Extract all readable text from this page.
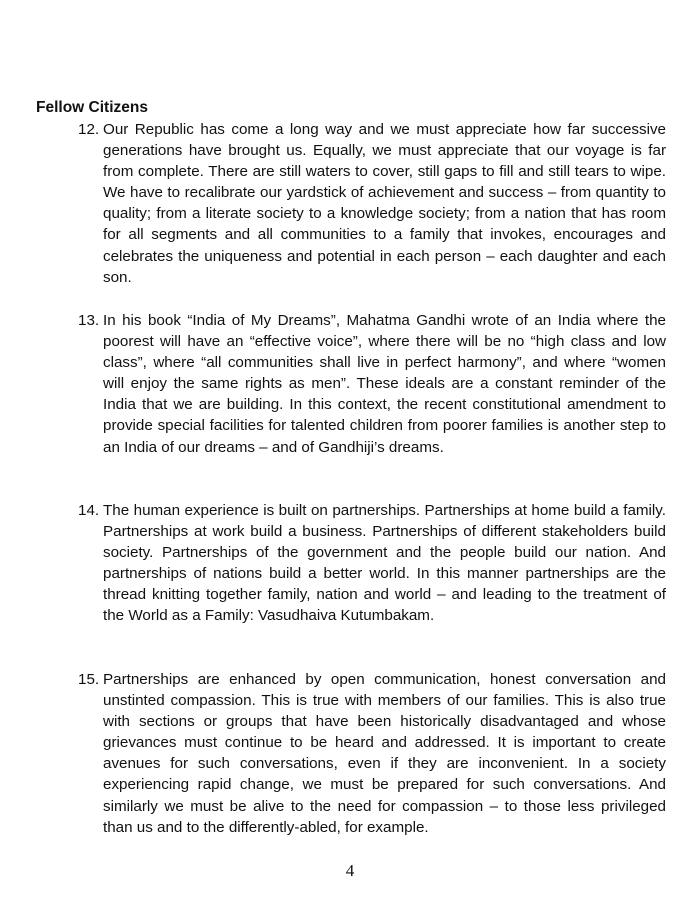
Fellow Citizens

12. Our Republic has come a long way and we must appreciate how far successive generations have brought us. Equally, we must appreciate that our voyage is far from complete. There are still waters to cover, still gaps to fill and still tears to wipe. We have to recalibrate our yardstick of achievement and success – from quantity to quality; from a literate society to a knowledge society; from a nation that has room for all segments and all communities to a family that invokes, encourages and celebrates the uniqueness and potential in each person – each daughter and each son.

13. In his book “India of My Dreams”, Mahatma Gandhi wrote of an India where the poorest will have an “effective voice”, where there will be no “high class and low class”, where “all communities shall live in perfect harmony”, and where “women will enjoy the same rights as men”. These ideals are a constant reminder of the India that we are building. In this context, the recent constitutional amendment to provide special facilities for talented children from poorer families is another step to an India of our dreams – and of Gandhiji’s dreams.

14. The human experience is built on partnerships. Partnerships at home build a family. Partnerships at work build a business. Partnerships of different stakeholders build society. Partnerships of the government and the people build our nation. And partnerships of nations build a better world. In this manner partnerships are the thread knitting together family, nation and world – and leading to the treatment of the World as a Family: Vasudhaiva Kutumbakam.

15. Partnerships are enhanced by open communication, honest conversation and unstinted compassion. This is true with members of our families. This is also true with sections or groups that have been historically disadvantaged and whose grievances must continue to be heard and addressed. It is important to create avenues for such conversations, even if they are inconvenient. In a society experiencing rapid change, we must be prepared for such conversations. And similarly we must be alive to the need for compassion – to those less privileged than us and to the differently-abled, for example.

4
